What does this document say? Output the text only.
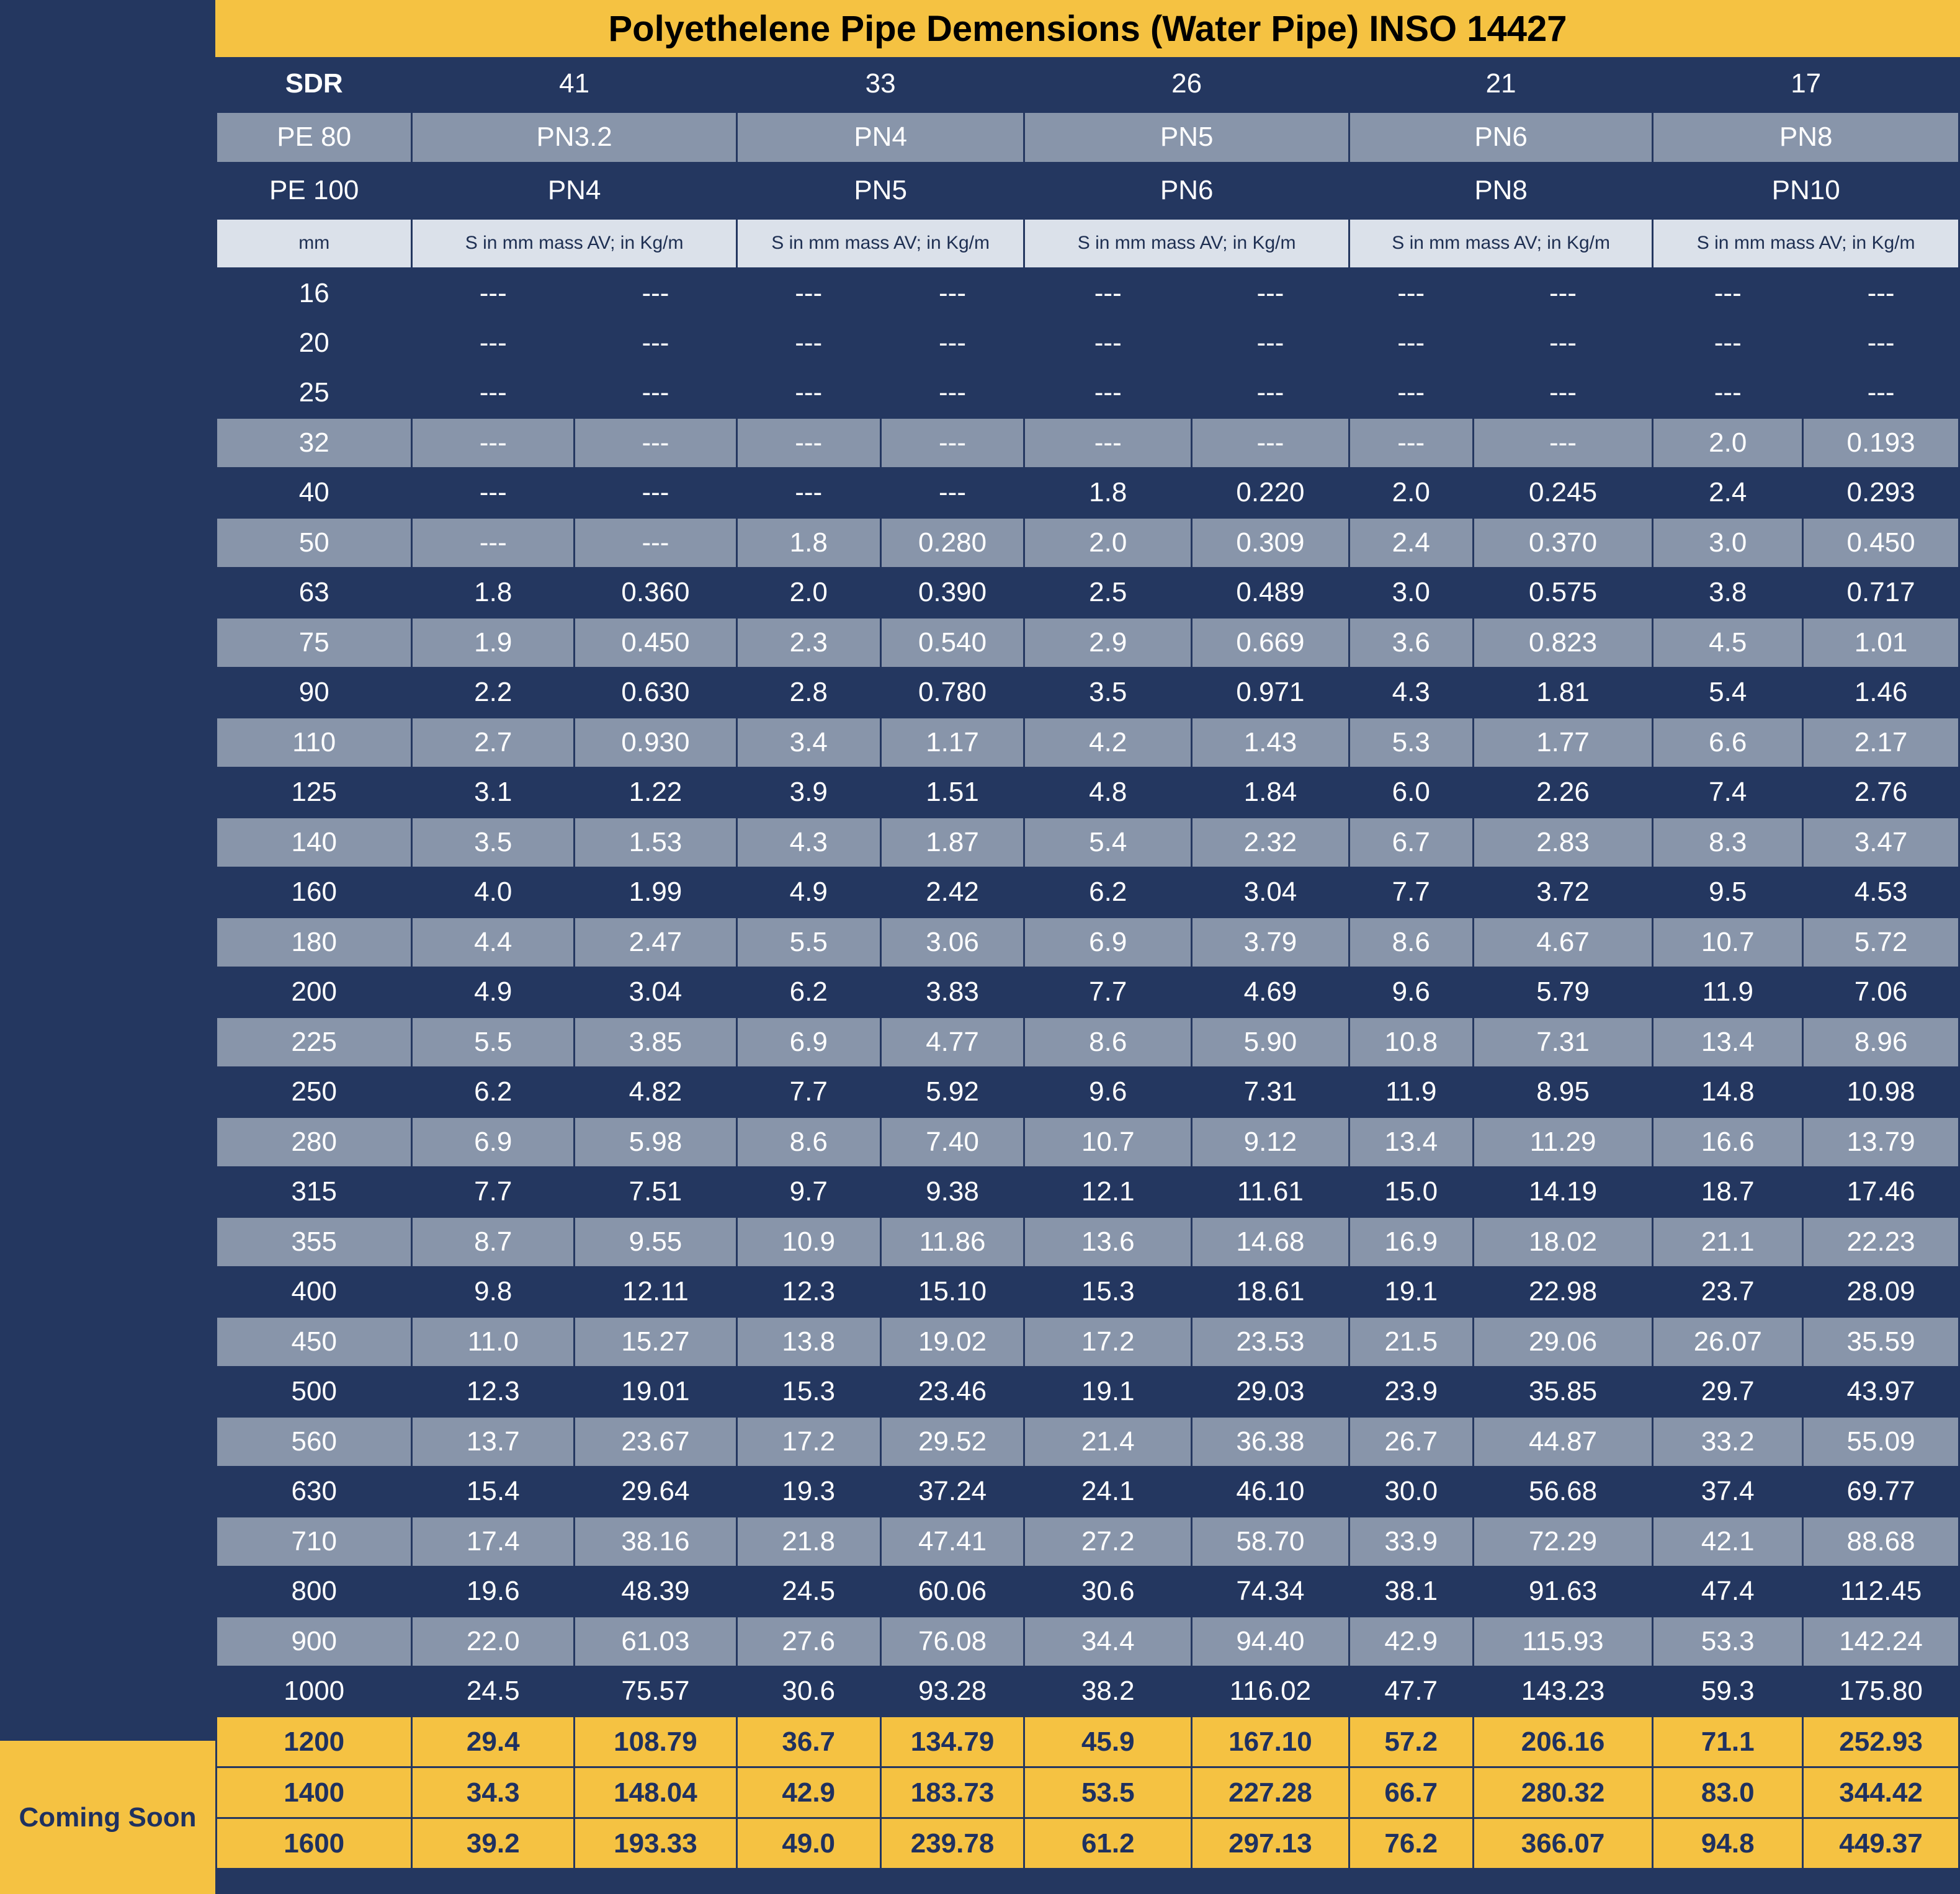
Coming Soon
Polyethelene Pipe Demensions (Water Pipe) INSO 14427
SDR	41		33		26		21		17	
PE 80	PN3.2		PN4		PN5		PN6		PN8	
PE 100	PN4		PN5		PN6		PN8		PN10	
mm	S in mm mass AV; in Kg/m		S in mm mass AV; in Kg/m		S in mm mass AV; in Kg/m		S in mm mass AV; in Kg/m		S in mm mass AV; in Kg/m	
16	---	---	---	---	---	---	---	---	---	---
20	---	---	---	---	---	---	---	---	---	---
25	---	---	---	---	---	---	---	---	---	---
32	---	---	---	---	---	---	---	---	2.0	0.193
40	---	---	---	---	1.8	0.220	2.0	0.245	2.4	0.293
50	---	---	1.8	0.280	2.0	0.309	2.4	0.370	3.0	0.450
63	1.8	0.360	2.0	0.390	2.5	0.489	3.0	0.575	3.8	0.717
75	1.9	0.450	2.3	0.540	2.9	0.669	3.6	0.823	4.5	1.01
90	2.2	0.630	2.8	0.780	3.5	0.971	4.3	1.81	5.4	1.46
110	2.7	0.930	3.4	1.17	4.2	1.43	5.3	1.77	6.6	2.17
125	3.1	1.22	3.9	1.51	4.8	1.84	6.0	2.26	7.4	2.76
140	3.5	1.53	4.3	1.87	5.4	2.32	6.7	2.83	8.3	3.47
160	4.0	1.99	4.9	2.42	6.2	3.04	7.7	3.72	9.5	4.53
180	4.4	2.47	5.5	3.06	6.9	3.79	8.6	4.67	10.7	5.72
200	4.9	3.04	6.2	3.83	7.7	4.69	9.6	5.79	11.9	7.06
225	5.5	3.85	6.9	4.77	8.6	5.90	10.8	7.31	13.4	8.96
250	6.2	4.82	7.7	5.92	9.6	7.31	11.9	8.95	14.8	10.98
280	6.9	5.98	8.6	7.40	10.7	9.12	13.4	11.29	16.6	13.79
315	7.7	7.51	9.7	9.38	12.1	11.61	15.0	14.19	18.7	17.46
355	8.7	9.55	10.9	11.86	13.6	14.68	16.9	18.02	21.1	22.23
400	9.8	12.11	12.3	15.10	15.3	18.61	19.1	22.98	23.7	28.09
450	11.0	15.27	13.8	19.02	17.2	23.53	21.5	29.06	26.07	35.59
500	12.3	19.01	15.3	23.46	19.1	29.03	23.9	35.85	29.7	43.97
560	13.7	23.67	17.2	29.52	21.4	36.38	26.7	44.87	33.2	55.09
630	15.4	29.64	19.3	37.24	24.1	46.10	30.0	56.68	37.4	69.77
710	17.4	38.16	21.8	47.41	27.2	58.70	33.9	72.29	42.1	88.68
800	19.6	48.39	24.5	60.06	30.6	74.34	38.1	91.63	47.4	112.45
900	22.0	61.03	27.6	76.08	34.4	94.40	42.9	115.93	53.3	142.24
1000	24.5	75.57	30.6	93.28	38.2	116.02	47.7	143.23	59.3	175.80
1200	29.4	108.79	36.7	134.79	45.9	167.10	57.2	206.16	71.1	252.93
1400	34.3	148.04	42.9	183.73	53.5	227.28	66.7	280.32	83.0	344.42
1600	39.2	193.33	49.0	239.78	61.2	297.13	76.2	366.07	94.8	449.37
